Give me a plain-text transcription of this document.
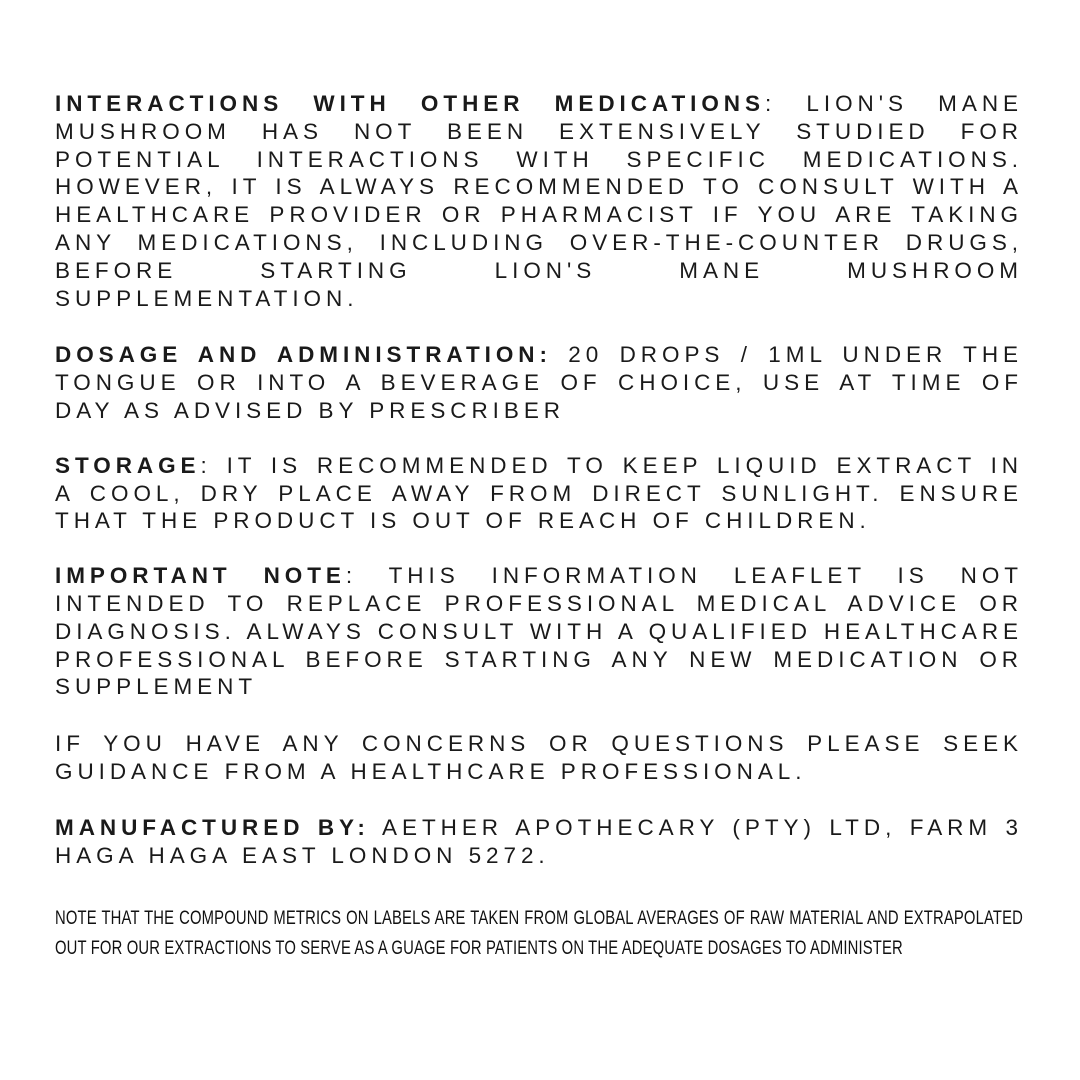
INTERACTIONS WITH OTHER MEDICATIONS: LION'S MANE MUSHROOM HAS NOT BEEN EXTENSIVELY STUDIED FOR POTENTIAL INTERACTIONS WITH SPECIFIC MEDICATIONS. HOWEVER, IT IS ALWAYS RECOMMENDED TO CONSULT WITH A HEALTHCARE PROVIDER OR PHARMACIST IF YOU ARE TAKING ANY MEDICATIONS, INCLUDING OVER-THE-COUNTER DRUGS, BEFORE STARTING LION'S MANE MUSHROOM SUPPLEMENTATION.

DOSAGE AND ADMINISTRATION: 20 DROPS / 1ML UNDER THE TONGUE OR INTO A BEVERAGE OF CHOICE, USE AT TIME OF DAY AS ADVISED BY PRESCRIBER

STORAGE: IT IS RECOMMENDED TO KEEP LIQUID EXTRACT IN A COOL, DRY PLACE AWAY FROM DIRECT SUNLIGHT. ENSURE THAT THE PRODUCT IS OUT OF REACH OF CHILDREN.

IMPORTANT NOTE: THIS INFORMATION LEAFLET IS NOT INTENDED TO REPLACE PROFESSIONAL MEDICAL ADVICE OR DIAGNOSIS. ALWAYS CONSULT WITH A QUALIFIED HEALTHCARE PROFESSIONAL BEFORE STARTING ANY NEW MEDICATION OR SUPPLEMENT

IF YOU HAVE ANY CONCERNS OR QUESTIONS PLEASE SEEK GUIDANCE FROM A HEALTHCARE PROFESSIONAL.

MANUFACTURED BY: AETHER APOTHECARY (PTY) LTD, FARM 3 HAGA HAGA EAST LONDON 5272.

NOTE THAT THE COMPOUND METRICS ON LABELS ARE TAKEN FROM GLOBAL AVERAGES OF RAW MATERIAL AND EXTRAPOLATED OUT FOR OUR EXTRACTIONS TO SERVE AS A GUAGE FOR PATIENTS ON THE ADEQUATE DOSAGES TO ADMINISTER
